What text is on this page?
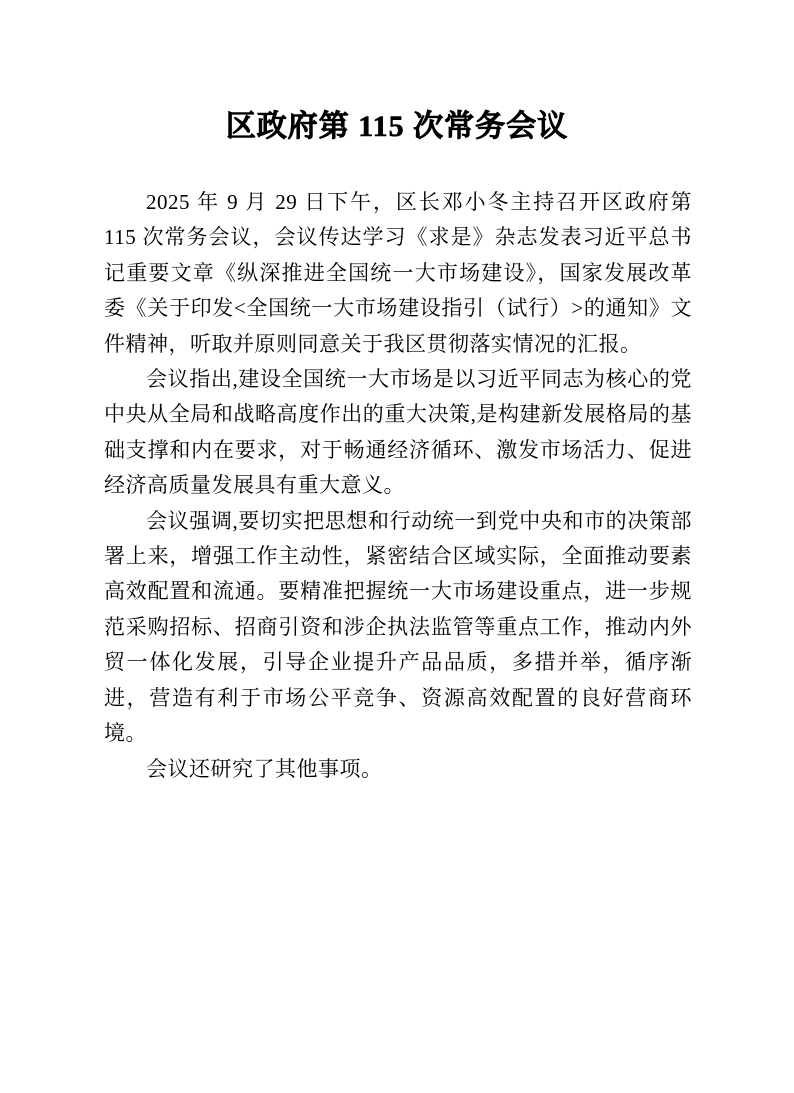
区政府第 115 次常务会议

2025 年 9 月 29 日下午，区长邓小冬主持召开区政府第 115 次常务会议，会议传达学习《求是》杂志发表习近平总书记重要文章《纵深推进全国统一大市场建设》，国家发展改革委《关于印发<全国统一大市场建设指引（试行）>的通知》文件精神，听取并原则同意关于我区贯彻落实情况的汇报。

会议指出,建设全国统一大市场是以习近平同志为核心的党中央从全局和战略高度作出的重大决策,是构建新发展格局的基础支撑和内在要求，对于畅通经济循环、激发市场活力、促进经济高质量发展具有重大意义。

会议强调,要切实把思想和行动统一到党中央和市的决策部署上来，增强工作主动性，紧密结合区域实际，全面推动要素高效配置和流通。要精准把握统一大市场建设重点，进一步规范采购招标、招商引资和涉企执法监管等重点工作，推动内外贸一体化发展，引导企业提升产品品质，多措并举，循序渐进，营造有利于市场公平竞争、资源高效配置的良好营商环境。

会议还研究了其他事项。
